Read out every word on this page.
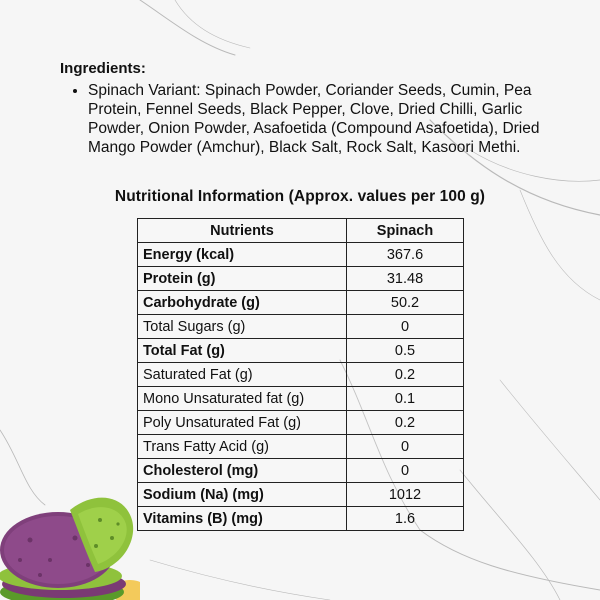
Ingredients:

• Spinach Variant: Spinach Powder, Coriander Seeds, Cumin, Pea Protein, Fennel Seeds, Black Pepper, Clove, Dried Chilli, Garlic Powder, Onion Powder, Asafoetida (Compound Asafoetida), Dried Mango Powder (Amchur), Black Salt, Rock Salt, Kasoori Methi.
Nutritional Information (Approx. values per 100 g)
Nutrients	Spinach
Energy (kcal)	367.6
Protein (g)	31.48
Carbohydrate (g)	50.2
Total Sugars (g)	0
Total Fat (g)	0.5
Saturated Fat (g)	0.2
Mono Unsaturated fat (g)	0.1
Poly Unsaturated Fat (g)	0.2
Trans Fatty Acid (g)	0
Cholesterol (mg)	0
Sodium (Na) (mg)	1012
Vitamins (B) (mg)	1.6
